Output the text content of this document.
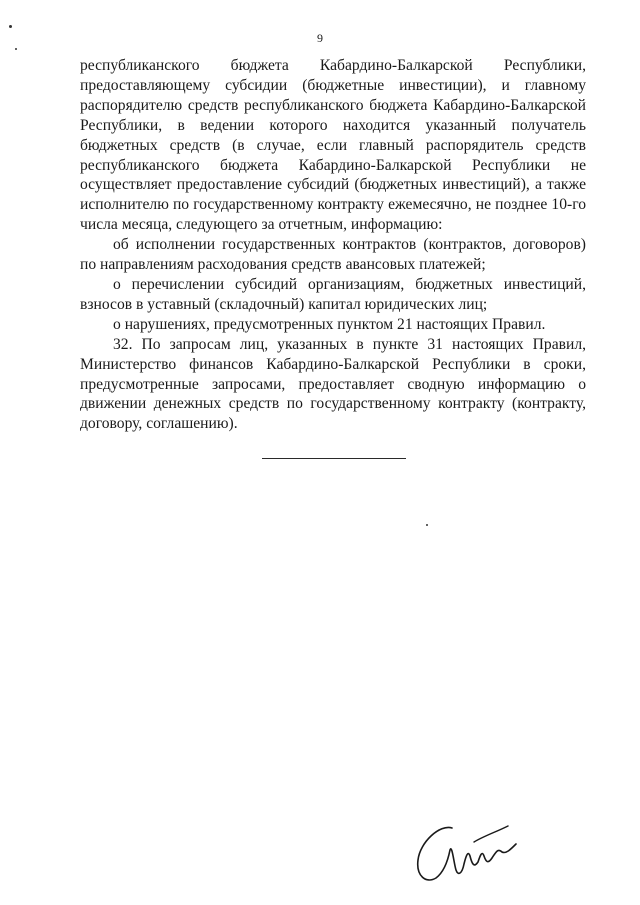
9

республиканского бюджета Кабардино-Балкарской Республики, предоставляющему субсидии (бюджетные инвестиции), и главному распорядителю средств республиканского бюджета Кабардино-Балкарской Республики, в ведении которого находится указанный получатель бюджетных средств (в случае, если главный распорядитель средств республиканского бюджета Кабардино-Балкарской Республики не осуществляет предоставление субсидий (бюджетных инвестиций), а также исполнителю по государственному контракту ежемесячно, не позднее 10-го числа месяца, следующего за отчетным, информацию:

об исполнении государственных контрактов (контрактов, договоров) по направлениям расходования средств авансовых платежей;

о перечислении субсидий организациям, бюджетных инвестиций, взносов в уставный (складочный) капитал юридических лиц;

о нарушениях, предусмотренных пунктом 21 настоящих Правил.

32. По запросам лиц, указанных в пункте 31 настоящих Правил, Министерство финансов Кабардино-Балкарской Республики в сроки, предусмотренные запросами, предоставляет сводную информацию о движении денежных средств по государственному контракту (контракту, договору, соглашению).
